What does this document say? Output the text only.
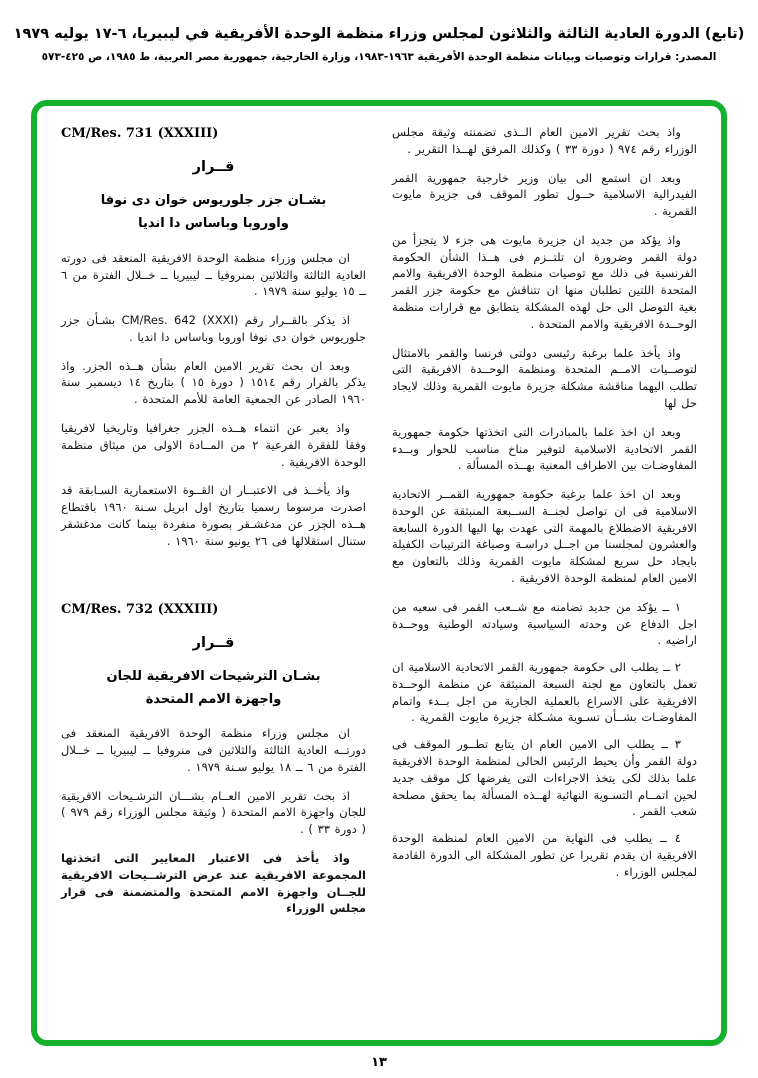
(تابع) الدورة العادية الثالثة والثلاثون لمجلس وزراء منظمة الوحدة الأفريقية في ليبيريا، ٦-١٧ يوليه ١٩٧٩
المصدر: قرارات وتوصيات وبيانات منظمة الوحدة الأفريقية ١٩٦٣-١٩٨٣، وزارة الخارجية، جمهورية مصر العربية، ط ١٩٨٥، ص ٤٢٥-٥٧٣

واذ بحث تقرير الامين العام الــذى تضمنته وثيقة مجلس الوزراء رقم ٩٧٤ ( دورة ٣٣ ) وكذلك المرفق لهــذا التقرير .

وبعد ان استمع الى بيان وزير خارجية جمهورية القمر الفيدرالية الاسلامية حــول تطور الموقف فى جزيرة مايوت القمرية .

واذ يؤكد من جديد ان جزيرة مايوت هى جزء لا يتجزأ من دولة القمر وضرورة ان تلتــزم فى هــذا الشأن الحكومة الفرنسية فى ذلك مع توصيات منظمة الوحدة الافريقية والامم المتحدة اللتين تطلبان منها ان تتناقش مع حكومة جزر القمر بغية التوصل الى حل لهذه المشكلة يتطابق مع قرارات منظمة الوحــدة الافريقية والامم المتحدة .

واذ يأخذ علما برغبة رئيسى دولتى فرنسا والقمر بالامتثال لتوصــيات الامــم المتحدة ومنظمة الوحــدة الافريقية التى تطلب اليهما مناقشة مشكلة جزيرة مايوت القمرية وذلك لايجاد حل لها

وبعد ان اخذ علما بالمبادرات التى اتخذتها حكومة جمهورية القمر الاتحادية الاسلامية لتوفير مناخ مناسب للحوار وبــدء المفاوضـات بين الاطراف المعنية بهــذه المسألة .

وبعد ان اخذ علما برغبة حكومة جمهورية القمــر الاتحادية الاسلامية فى ان تواصل لجنــة الســبعة المنبثقة عن الوحدة الافريقية الاضطلاع بالمهمة التى عهدت بها اليها الدورة السابعة والعشرون لمجلسنا من اجــل دراسـة وصياغة الترتيبات الكفيلة بايجاد حل سريع لمشكلة مايوت القمرية وذلك بالتعاون مع الامين العام لمنظمة الوحدة الافريقية .

١ ــ يؤكد من جديد تضامنه مع شــعب القمر فى سعيه من اجل الدفاع عن وحدته السياسية وسيادته الوطنية ووحــدة اراضيه .

٢ ــ يطلب الى حكومة جمهورية القمر الاتحادية الاسلامية ان تعمل بالتعاون مع لجنة السبعة المنبثقة عن منظمة الوحــدة الافريقية على الاسراع بالعملية الجارية من اجل بــدء واتمام المفاوضـات بشــأن تسـوية مشـكلة جزيرة مايوت القمرية .

٣ ــ يطلب الى الامين العام ان يتابع تطــور الموقف فى دولة القمر وأن يحيط الرئيس الحالى لمنظمة الوحدة الافريقية علما بذلك لكى يتخذ الاجراءات التى يفرضها كل موقف جديد لحين اتمــام التسـوية النهائية لهــذه المسألة بما يحقق مصلحة شعب القمر .

٤ ــ يطلب فى النهاية من الامين العام لمنظمة الوحدة الافريقية ان يقدم تقريرا عن تطور المشكلة الى الدورة القادمة لمجلس الوزراء .

CM/Res. 731 (XXXIII)
قــرار
بشـان جزر جلوريوس خوان دى نوفا
واوروبا وباساس دا انديا

ان مجلس وزراء منظمة الوحدة الافريقية المنعقد فى دورته العادية الثالثة والثلاثين بمنروفيا ــ ليبيريا ــ خــلال الفترة من ٦ ــ ١٥ يوليو سنة ١٩٧٩ .

اذ يذكر بالقــرار رقم CM/Res. 642 (XXXI) بشـأن جزر جلوريوس خوان دى نوفا اوروبا وباساس دا انديا .

وبعد ان بحث تقرير الامين العام بشأن هــذه الجزر. واذ يذكر بالقرار رقم ١٥١٤ ( دورة ١٥ ) بتاريخ ١٤ ديسمبر سنة ١٩٦٠ الصادر عن الجمعية العامة للأمم المتحدة .

واذ يعبر عن انتماء هــذه الجزر جغرافيا وتاريخيا لافريقيا وفقا للفقرة الفرعية ٢ من المــادة الاولى من ميثاق منظمة الوحدة الافريقية .

واذ يأخــذ فى الاعتبــار ان القــوة الاستعمارية السـابقة قد اصدرت مرسوما رسميا بتاريخ اول ابريل سـنة ١٩٦٠ باقتطاع هــذه الجزر عن مدغشـقر بصورة منفردة بينما كانت مدغشقر ستنال استقلالها فى ٢٦ يونيو سنة ١٩٦٠ .

CM/Res. 732 (XXXIII)
قــرار
بشـان الترشيحات الافريقية للجان
واجهزة الامم المتحدة

ان مجلس وزراء منظمة الوحدة الافريقية المنعقد فى دورتــه العادية الثالثة والثلاثين فى منروفيا ــ ليبيريا ــ خــلال الفترة من ٦ ــ ١٨ يوليو سـنة ١٩٧٩ .

اذ بحث تقرير الامين العــام بشـــان الترشـيحات الافريقية للجان واجهزة الامم المتحدة ( وثيقة مجلس الوزراء رقم ٩٧٩ ) ( دورة ٣٣ ) .

واذ يأخذ فى الاعتبار المعايير التى اتخذتها المجموعة الافريقية عند عرض الترشــيحات الافريقية للجــان واجهزة الامم المتحدة والمتضمنة فى قرار مجلس الوزراء

١٣
